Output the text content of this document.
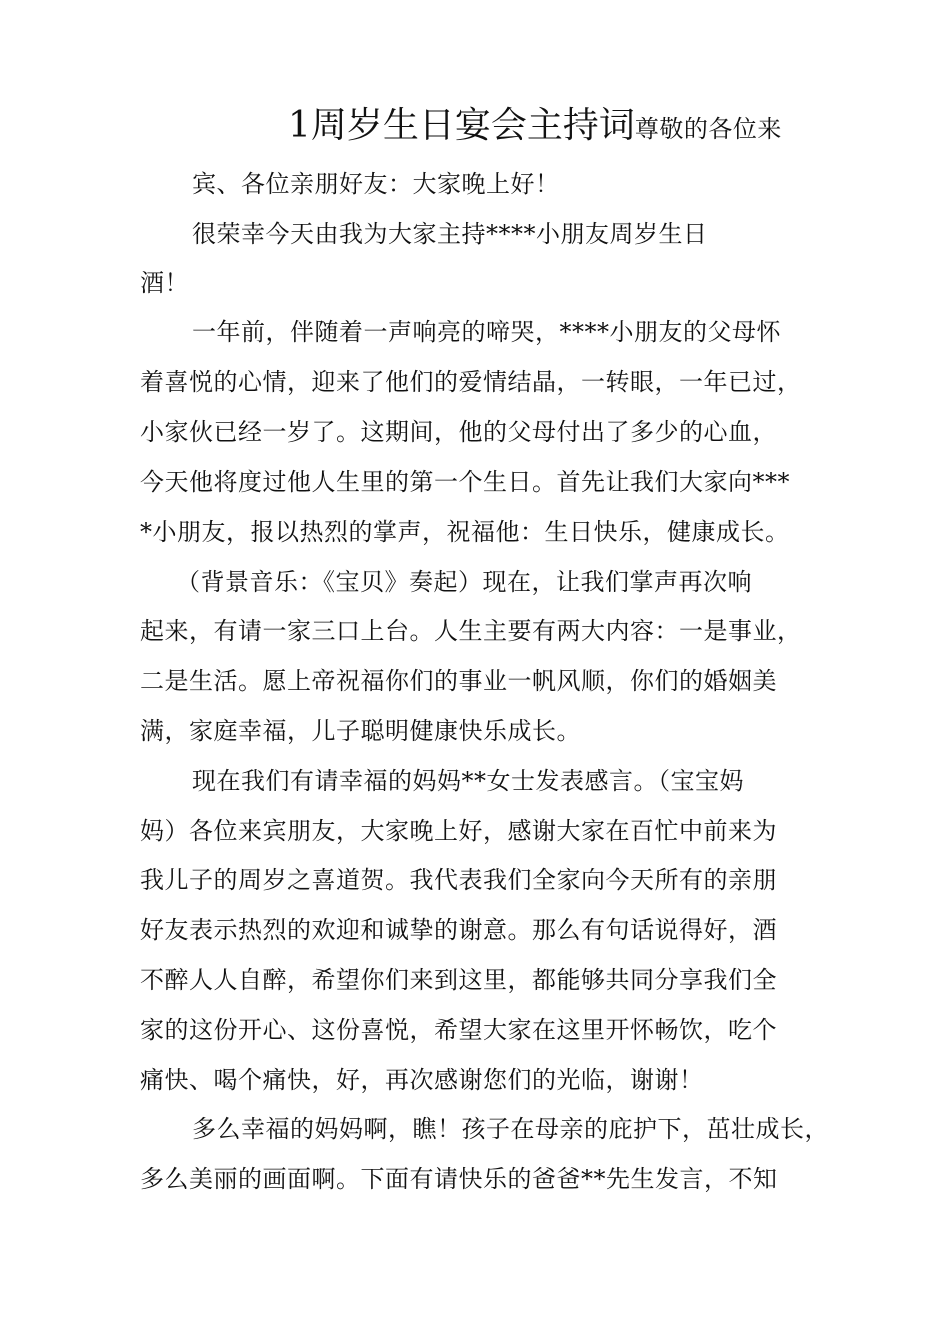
1周岁生日宴会主持词尊敬的各位来
宾、各位亲朋好友：大家晚上好！
很荣幸今天由我为大家主持****小朋友周岁生日
酒！
一年前，伴随着一声响亮的啼哭，****小朋友的父母怀
着喜悦的心情，迎来了他们的爱情结晶，一转眼，一年已过，
小家伙已经一岁了。这期间，他的父母付出了多少的心血，
今天他将度过他人生里的第一个生日。首先让我们大家向***
*小朋友，报以热烈的掌声，祝福他：生日快乐，健康成长。
（背景音乐：《宝贝》奏起）现在，让我们掌声再次响
起来，有请一家三口上台。人生主要有两大内容：一是事业，
二是生活。愿上帝祝福你们的事业一帆风顺，你们的婚姻美
满，家庭幸福，儿子聪明健康快乐成长。
现在我们有请幸福的妈妈**女士发表感言。（宝宝妈
妈）各位来宾朋友，大家晚上好，感谢大家在百忙中前来为
我儿子的周岁之喜道贺。我代表我们全家向今天所有的亲朋
好友表示热烈的欢迎和诚挚的谢意。那么有句话说得好，酒
不醉人人自醉，希望你们来到这里，都能够共同分享我们全
家的这份开心、这份喜悦，希望大家在这里开怀畅饮，吃个
痛快、喝个痛快，好，再次感谢您们的光临，谢谢！
多么幸福的妈妈啊，瞧！孩子在母亲的庇护下，茁壮成长，
多么美丽的画面啊。下面有请快乐的爸爸**先生发言，不知
